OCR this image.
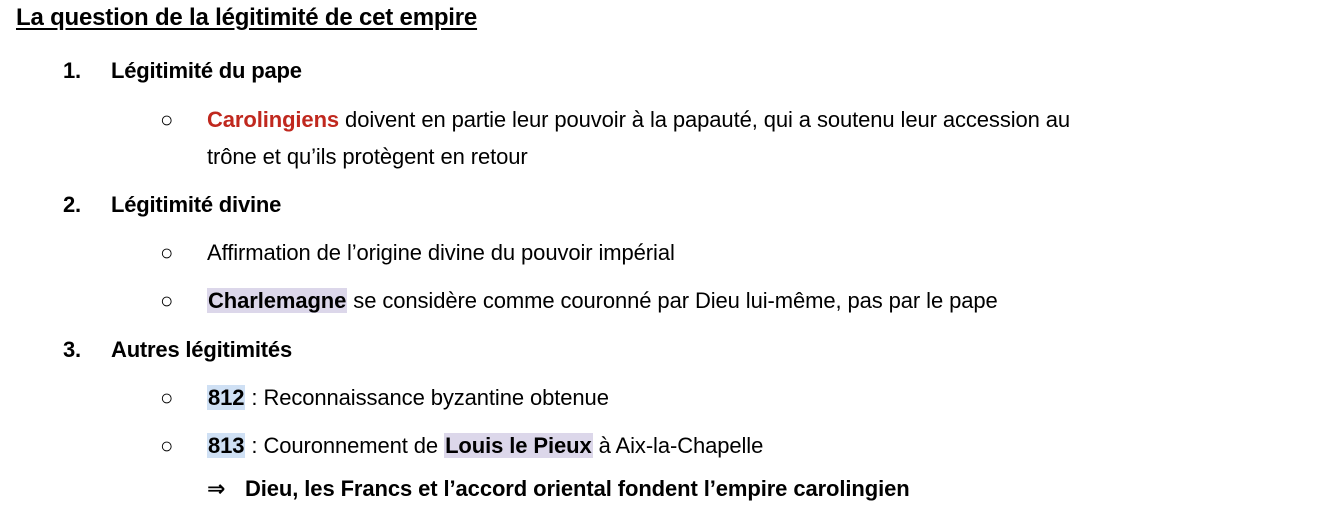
La question de la légitimité de cet empire
1. Légitimité du pape
○	Carolingiens doivent en partie leur pouvoir à la papauté, qui a soutenu leur accession au
trône et qu’ils protègent en retour
2. Légitimité divine
○	Affirmation de l’origine divine du pouvoir impérial
○	Charlemagne se considère comme couronné par Dieu lui-même, pas par le pape
3. Autres légitimités
○	812 : Reconnaissance byzantine obtenue
○	813 : Couronnement de Louis le Pieux à Aix-la-Chapelle
⇒ Dieu, les Francs et l’accord oriental fondent l’empire carolingien
